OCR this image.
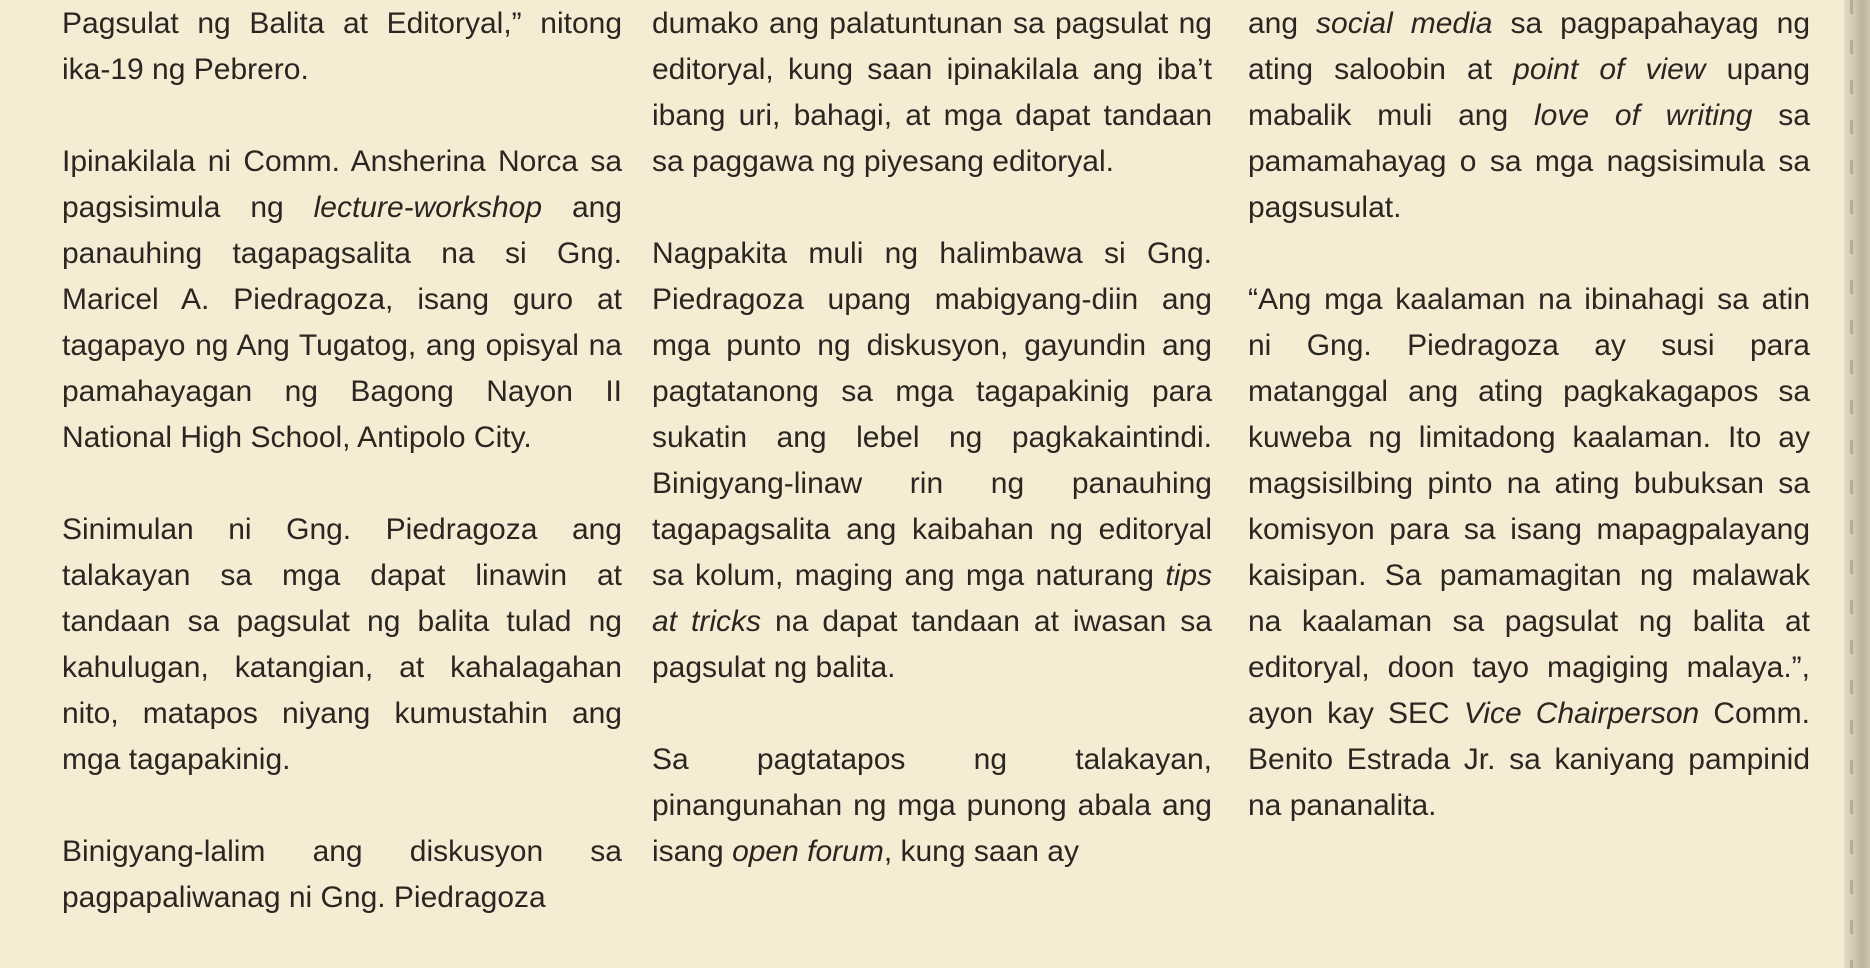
Pagsulat ng Balita at Editoryal,” nitong ika-19 ng Pebrero.

Ipinakilala ni Comm. Ansherina Norca sa pagsisimula ng lecture-workshop ang panauhing tagapagsalita na si Gng. Maricel A. Piedragoza, isang guro at tagapayo ng Ang Tugatog, ang opisyal na pamahayagan ng Bagong Nayon II National High School, Antipolo City.

Sinimulan ni Gng. Piedragoza ang talakayan sa mga dapat linawin at tandaan sa pagsulat ng balita tulad ng kahulugan, katangian, at kahalagahan nito, matapos niyang kumustahin ang mga tagapakinig.

Binigyang-lalim ang diskusyon sa pagpapaliwanag ni Gng. Piedragoza

dumako ang palatuntunan sa pagsulat ng editoryal, kung saan ipinakilala ang iba’t ibang uri, bahagi, at mga dapat tandaan sa paggawa ng piyesang editoryal.

Nagpakita muli ng halimbawa si Gng. Piedragoza upang mabigyang-diin ang mga punto ng diskusyon, gayundin ang pagtatanong sa mga tagapakinig para sukatin ang lebel ng pagkakaintindi. Binigyang-linaw rin ng panauhing tagapagsalita ang kaibahan ng editoryal sa kolum, maging ang mga naturang tips at tricks na dapat tandaan at iwasan sa pagsulat ng balita.

Sa pagtatapos ng talakayan, pinangunahan ng mga punong abala ang isang open forum, kung saan ay

ang social media sa pagpapahayag ng ating saloobin at point of view upang mabalik muli ang love of writing sa pamamahayag o sa mga nagsisimula sa pagsusulat.

“Ang mga kaalaman na ibinahagi sa atin ni Gng. Piedragoza ay susi para matanggal ang ating pagkakagapos sa kuweba ng limitadong kaalaman. Ito ay magsisilbing pinto na ating bubuksan sa komisyon para sa isang mapagpalayang kaisipan. Sa pamamagitan ng malawak na kaalaman sa pagsulat ng balita at editoryal, doon tayo magiging malaya.”, ayon kay SEC Vice Chairperson Comm. Benito Estrada Jr. sa kaniyang pampinid na pananalita.
